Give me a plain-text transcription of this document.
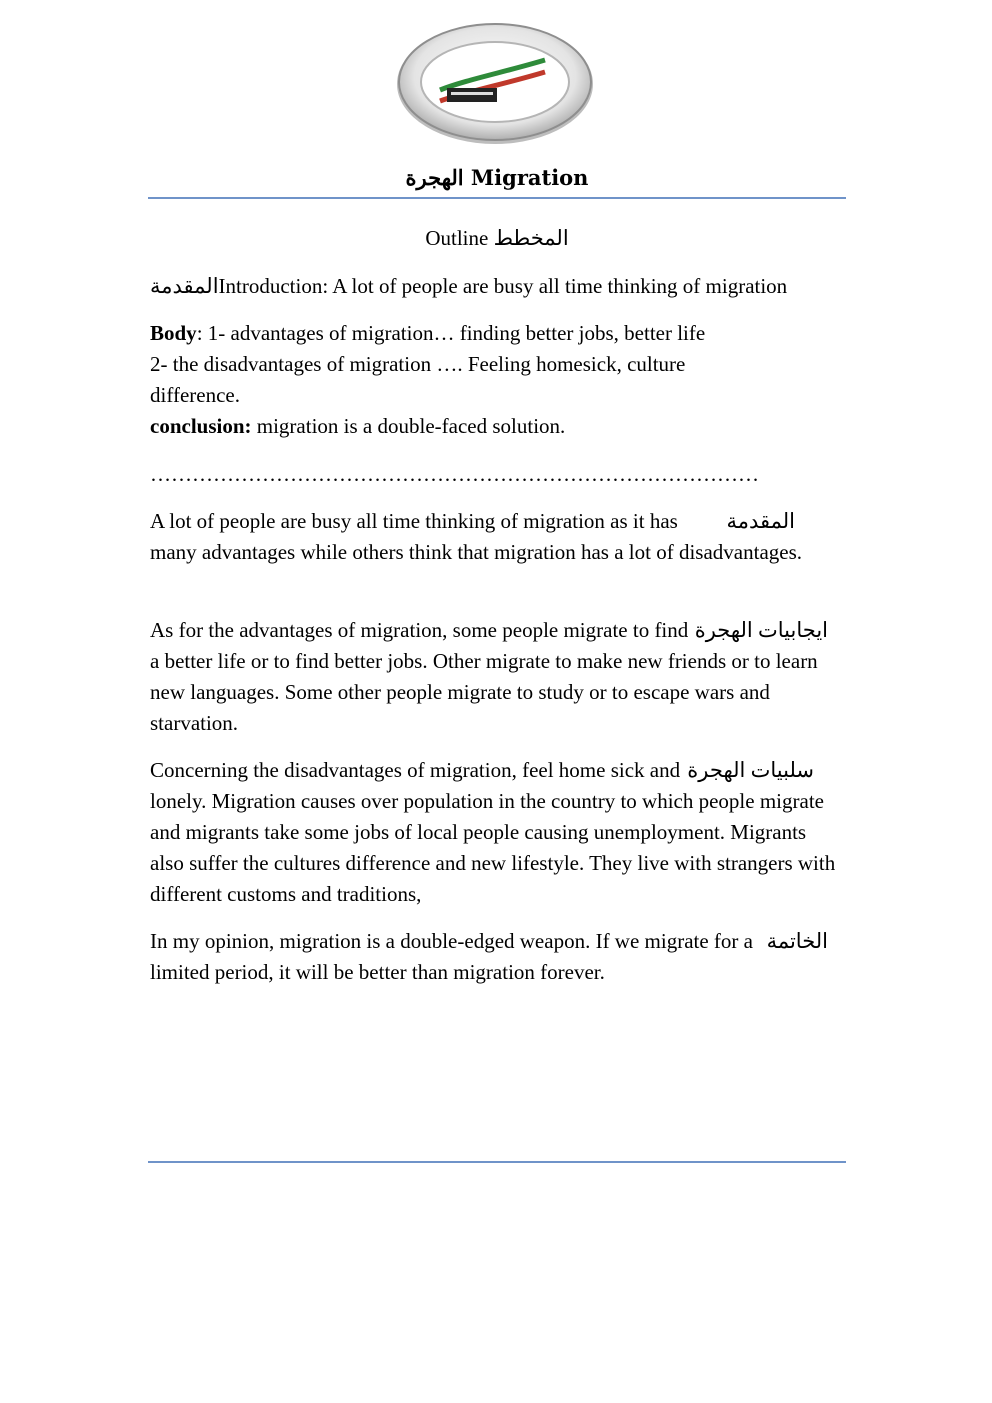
الهجرة Migration
Outline المخطط
المقدمةIntroduction: A lot of people are busy all time thinking of migration
Body: 1- advantages of migration… finding better jobs, better life
2- the disadvantages of migration …. Feeling homesick, culture difference.
conclusion: migration is a double-faced solution.
……………………………………………………………………………
المقدمة
A lot of people are busy all time thinking of migration as it has many advantages while others think that migration has a lot of disadvantages.
ايجابيات الهجرة
As for the advantages of migration, some people migrate to find a better life or to find better jobs. Other migrate to make new friends or to learn new languages. Some other people migrate to study or to escape wars and starvation.
سلبيات الهجرة
Concerning the disadvantages of migration, feel home sick and lonely. Migration causes over population in the country to which people migrate and migrants take some jobs of local people causing unemployment. Migrants also suffer the cultures difference and new lifestyle. They live with strangers with different customs and traditions,
الخاتمة
In my opinion, migration is a double-edged weapon. If we migrate for a limited period, it will be better than migration forever.
